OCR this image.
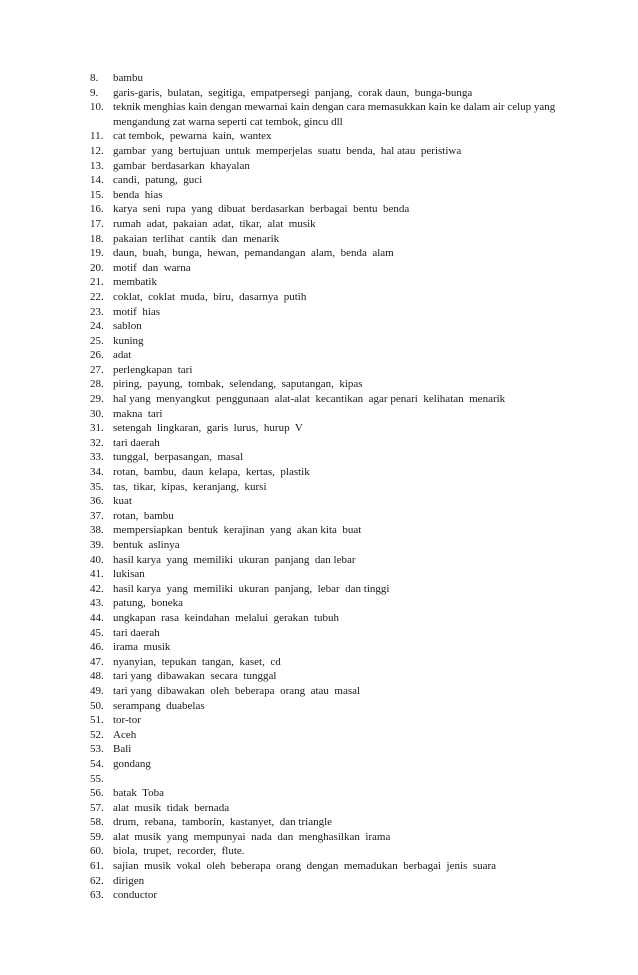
8. bambu
9. garis-garis,  bulatan,  segitiga,  empatpersegi  panjang,  corak daun,  bunga-bunga
10. teknik menghias kain dengan mewarnai kain dengan cara memasukkan kain ke dalam air celup yang mengandung zat warna seperti cat tembok, gincu dll
11. cat tembok,  pewarna  kain,  wantex
12. gambar  yang  bertujuan  untuk  memperjelas  suatu  benda,  hal atau  peristiwa
13. gambar  berdasarkan  khayalan
14. candi,  patung,  guci
15. benda  hias
16. karya  seni  rupa  yang  dibuat  berdasarkan  berbagai  bentu  benda
17. rumah  adat,  pakaian  adat,  tikar,  alat  musik
18. pakaian  terlihat  cantik  dan  menarik
19. daun,  buah,  bunga,  hewan,  pemandangan  alam,  benda  alam
20. motif  dan  warna
21. membatik
22. coklat,  coklat  muda,  biru,  dasarnya  putih
23. motif  hias
24. sablon
25. kuning
26. adat
27. perlengkapan  tari
28. piring,  payung,  tombak,  selendang,  saputangan,  kipas
29. hal yang  menyangkut  penggunaan  alat-alat  kecantikan  agar penari  kelihatan  menarik
30. makna  tari
31. setengah  lingkaran,  garis  lurus,  hurup  V
32. tari daerah
33. tunggal,  berpasangan,  masal
34. rotan,  bambu,  daun  kelapa,  kertas,  plastik
35. tas,  tikar,  kipas,  keranjang,  kursi
36. kuat
37. rotan,  bambu
38. mempersiapkan  bentuk  kerajinan  yang  akan kita  buat
39. bentuk  aslinya
40. hasil karya  yang  memiliki  ukuran  panjang  dan lebar
41. lukisan
42. hasil karya  yang  memiliki  ukuran  panjang,  lebar  dan tinggi
43. patung,  boneka
44. ungkapan  rasa  keindahan  melalui  gerakan  tubuh
45. tari daerah
46. irama  musik
47. nyanyian,  tepukan  tangan,  kaset,  cd
48. tari yang  dibawakan  secara  tunggal
49. tari yang  dibawakan  oleh  beberapa  orang  atau  masal
50. serampang  duabelas
51. tor-tor
52. Aceh
53. Bali
54. gondang
55.

56. batak  Toba
57. alat  musik  tidak  bernada
58. drum,  rebana,  tamborin,  kastanyet,  dan triangle
59. alat  musik  yang  mempunyai  nada  dan  menghasilkan  irama
60. biola,  trupet,  recorder,  flute.
61. sajian  musik  vokal  oleh  beberapa  orang  dengan  memadukan  berbagai  jenis  suara
62. dirigen
63. conductor
